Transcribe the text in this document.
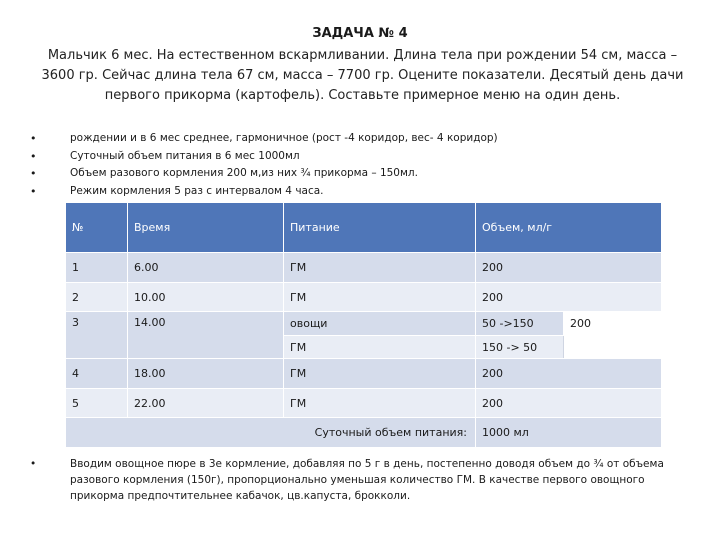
ЗАДАЧА № 4
Мальчик 6 мес. На естественном вскармливании. Длина тела при рождении 54 см, масса – 3600 гр. Сейчас длина тела 67 см, масса – 7700 гр. Оцените показатели. Десятый день дачи первого прикорма (картофель). Составьте примерное меню на один день.
• рождении и в 6 мес среднее, гармоничное (рост -4 коридор, вес- 4 коридор)
• Суточный объем питания в 6 мес 1000мл
• Объем разового кормления 200 м,из них ¾ прикорма – 150мл.
• Режим кормления 5 раз с интервалом 4 часа.
№	Время	Питание	Объем, мл/г	
1	6.00	ГМ	200	
2	10.00	ГМ	200	
3	14.00	овощи	50 ->150	200
		ГМ	150 -> 50	
4	18.00	ГМ	200	
5	22.00	ГМ	200	
Суточный объем питания:			1000 мл	
•	Вводим овощное пюре в 3е кормление, добавляя по 5 г в день, постепенно доводя объем до ¾ от объема разового кормления (150г), пропорционально уменьшая количество ГМ. В качестве первого овощного прикорма предпочтительнее кабачок, цв.капуста, брокколи.
